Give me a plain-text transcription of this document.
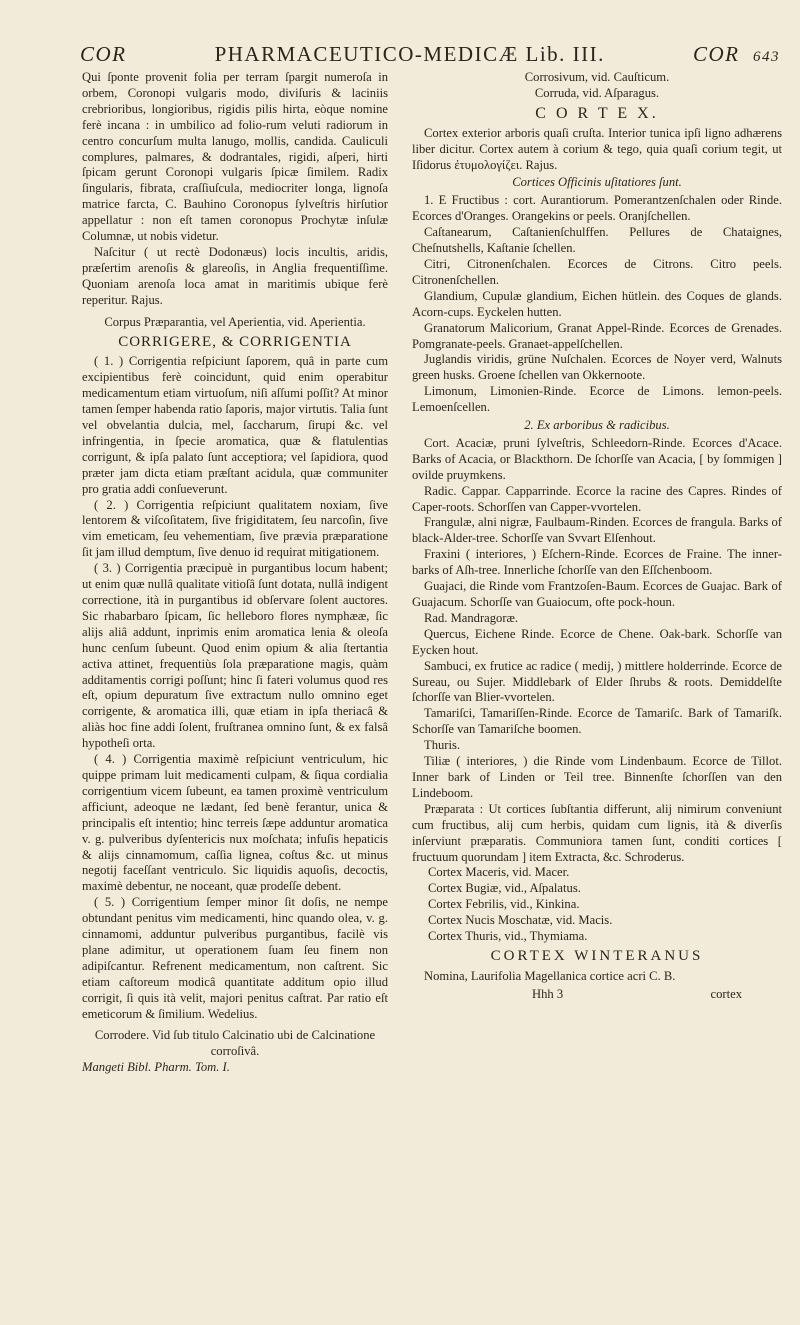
COR	PHARMACEUTICO-MEDICÆ Lib. III.	COR 643

Qui ſponte provenit folia per terram ſpargit numeroſa in orbem, Coronopi vulgaris modo, diviſuris & laciniis crebrioribus, longioribus, rigidis pilis hirta, eòque nomine ferè incana : in umbilico ad folio-rum veluti radiorum in centro concurſum multa lanugo, mollis, candida. Cauliculi complures, palmares, & dodrantales, rigidi, aſperi, hirti ſpicam gerunt Coronopi vulgaris ſpicæ ſimilem. Radix ſingularis, fibrata, craſſiuſcula, mediocriter longa, lignoſa matrice farcta, C. Bauhino Coronopus ſylveſtris hirſutior appellatur : non eſt tamen coronopus Prochytæ inſulæ Columnæ, ut nobis videtur.

Naſcitur ( ut rectè Dodonæus) locis incultis, aridis, præſertim arenoſis & glareoſis, in Anglia frequentiſſime. Quoniam arenoſa loca amat in maritimis ubique ferè reperitur. Rajus.

Corpus Præparantia, vel Aperientia, vid. Aperientia.

CORRIGERE, & CORRIGENTIA

( 1. ) Corrigentia reſpiciunt ſaporem, quâ in parte cum excipientibus ferè coincidunt, quid enim operabitur medicamentum etiam virtuoſum, niſi aſſumi poſſit? At minor tamen ſemper habenda ratio ſaporis, major virtutis. Talia ſunt vel obvelantia dulcia, mel, ſaccharum, ſirupi &c. vel infringentia, in ſpecie aromatica, quæ & flatulentias corrigunt, & ipſa palato ſunt acceptiora; vel ſapidiora, quod præter jam dicta etiam præſtant acidula, quæ communiter pro gratia addi conſueverunt.

( 2. ) Corrigentia reſpiciunt qualitatem noxiam, ſive lentorem & viſcoſitatem, ſive frigiditatem, ſeu narcoſin, ſive vim emeticam, ſeu vehementiam, ſive prævia præparatione ſit jam illud demptum, ſive denuo id requirat mitigationem.

( 3. ) Corrigentia præcipuè in purgantibus locum habent; ut enim quæ nullâ qualitate vitioſâ ſunt dotata, nullâ indigent correctione, ità in purgantibus id obſervare ſolent auctores. Sic rhabarbaro ſpicam, ſic helleboro flores nymphææ, ſic alijs aliâ addunt, inprimis enim aromatica lenia & oleoſa hunc cenſum ſubeunt. Quod enim opium & alia ſtertantia activa attinet, frequentiùs ſola præparatione magis, quàm additamentis corrigi poſſunt; hinc ſi fateri volumus quod res eſt, opium depuratum ſive extractum nullo omnino eget corrigente, & aromatica illi, quæ etiam in ipſa theriacâ & aliàs hoc fine addi ſolent, fruſtranea omnino ſunt, & ex falsâ hypotheſi orta.

( 4. ) Corrigentia maximè reſpiciunt ventriculum, hic quippe primam luit medicamenti culpam, & ſiqua cordialia corrigentium vicem ſubeunt, ea tamen proximè ventriculum afficiunt, adeoque ne lædant, ſed benè ferantur, unica & principalis eſt intentio; hinc terreis ſæpe adduntur aromatica v. g. pulveribus dyſentericis nux moſchata; infuſis hepaticis & alijs cinnamomum, caſſia lignea, coſtus &c. ut minus negotij faceſſant ventriculo. Sic liquidis aquoſis, decoctis, maximè debentur, ne noceant, quæ prodeſſe debent.

( 5. ) Corrigentium ſemper minor ſit doſis, ne nempe obtundant penitus vim medicamenti, hinc quando olea, v. g. cinnamomi, adduntur pulveribus purgantibus, facilè vis plane adimitur, ut operationem ſuam ſeu finem non adipiſcantur. Refrenent medicamentum, non caſtrent. Sic etiam caſtoreum modicâ quantitate additum opio illud corrigit, ſi quis ità velit, majori penitus caſtrat. Par ratio eſt emeticorum & ſimilium. Wedelius.

Corrodere. Vid ſub titulo Calcinatio ubi de Calcinatione corroſivâ.

Mangeti Bibl. Pharm. Tom. I.

Corrosivum, vid. Cauſticum.

Corruda, vid. Aſparagus.

C O R T E X.

Cortex exterior arboris quaſi cruſta. Interior tunica ipſi ligno adhærens liber dicitur. Cortex autem à corium & tego, quia quaſi corium tegit, ut Iſidorus ἐτυμολογίζει. Rajus.

Cortices Officinis uſitatiores ſunt.

1. E Fructibus : cort. Aurantiorum. Pomerantzenſchalen oder Rinde. Ecorces d'Oranges. Orangekins or peels. Oranjſchellen.

Caſtanearum, Caſtanienſchulffen. Pellures de Chataignes, Cheſnutshells, Kaſtanie ſchellen.

Citri, Citronenſchalen. Ecorces de Citrons. Citro peels. Citronenſchellen.

Glandium, Cupulæ glandium, Eichen hütlein. des Coques de glands. Acorn-cups. Eyckelen hutten.

Granatorum Malicorium, Granat Appel-Rinde. Ecorces de Grenades. Pomgranate-peels. Granaet-appelſchellen.

Juglandis viridis, grüne Nuſchalen. Ecorces de Noyer verd, Walnuts green husks. Groene ſchellen van Okkernoote.

Limonum, Limonien-Rinde. Ecorce de Limons. lemon-peels. Lemoenſcellen.

2. Ex arboribus & radicibus.

Cort. Acaciæ, pruni ſylveſtris, Schleedorn-Rinde. Ecorces d'Acace. Barks of Acacia, or Blackthorn. De ſchorſſe van Acacia, [ by ſommigen ] ovilde pruymkens.

Radic. Cappar. Capparrinde. Ecorce la racine des Capres. Rindes of Caper-roots. Schorſſen van Capper-vvortelen.

Frangulæ, alni nigræ, Faulbaum-Rinden. Ecorces de frangula. Barks of black-Alder-tree. Schorſſe van Svvart Elſenhout.

Fraxini ( interiores, ) Eſchern-Rinde. Ecorces de Fraine. The inner-barks of Aſh-tree. Innerliche ſchorſſe van den Eſſchenboom.

Guajaci, die Rinde vom Frantzoſen-Baum. Ecorces de Guajac. Bark of Guajacum. Schorſſe van Guaiocum, ofte pock-houn.

Rad. Mandragoræ.

Quercus, Eichene Rinde. Ecorce de Chene. Oak-bark. Schorſſe van Eycken hout.

Sambuci, ex frutice ac radice ( medij, ) mittlere holderrinde. Ecorce de Sureau, ou Sujer. Middlebark of Elder ſhrubs & roots. Demiddelſte ſchorſſe van Blier-vvortelen.

Tamariſci, Tamariſſen-Rinde. Ecorce de Tamariſc. Bark of Tamariſk. Schorſſe van Tamariſche boomen.

Thuris.

Tiliæ ( interiores, ) die Rinde vom Lindenbaum. Ecorce de Tillot. Inner bark of Linden or Teil tree. Binnenſte ſchorſſen van den Lindeboom.

Præparata : Ut cortices ſubſtantia differunt, alij nimirum conveniunt cum fructibus, alij cum herbis, quidam cum lignis, ità & diverſis inſerviunt præparatis. Communiora tamen ſunt, conditi cortices [ fructuum quorundam ] item Extracta, &c. Schroderus.

Cortex Maceris, vid. Macer.

Cortex Bugiæ, vid., Aſpalatus.

Cortex Febrilis, vid., Kinkina.

Cortex Nucis Moschatæ, vid. Macis.

Cortex Thuris, vid., Thymiama.

CORTEX WINTERANUS

Nomina, Laurifolia Magellanica cortice acri C. B.

Hhh 3	cortex
